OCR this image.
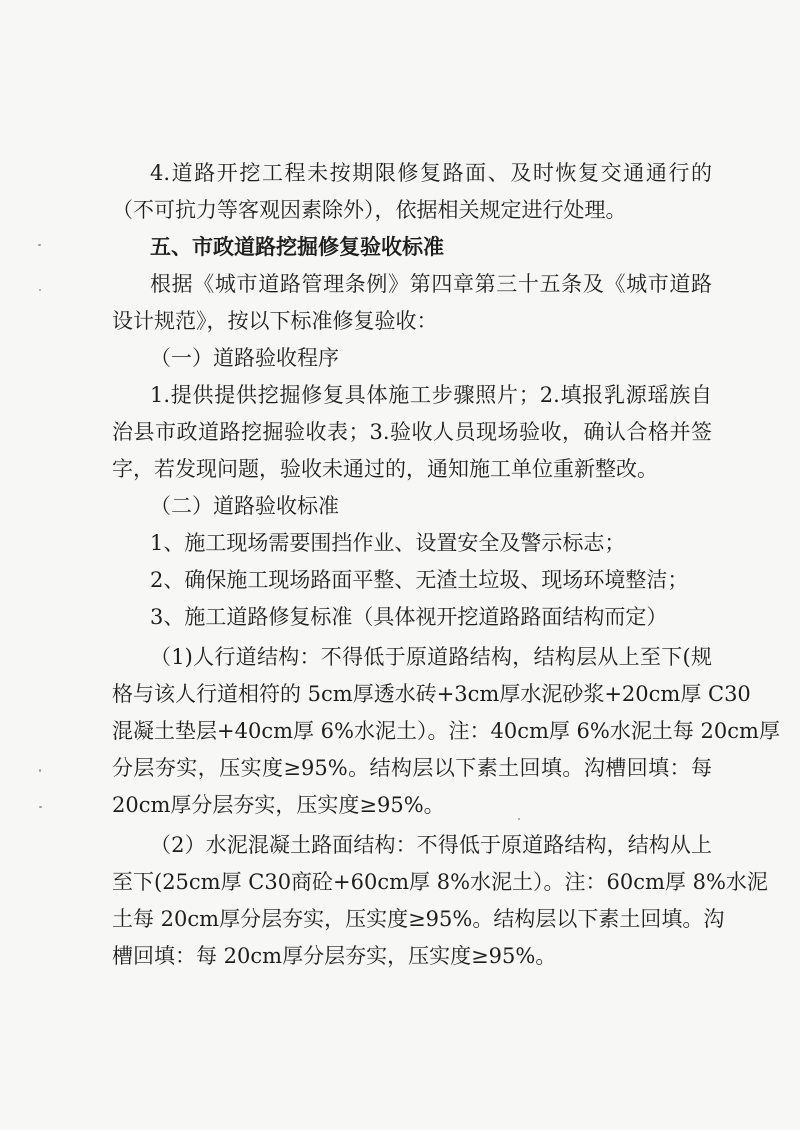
4.道路开挖工程未按期限修复路面、及时恢复交通通行的
（不可抗力等客观因素除外），依据相关规定进行处理。
五、市政道路挖掘修复验收标准
根据《城市道路管理条例》第四章第三十五条及《城市道路
设计规范》，按以下标准修复验收：
（一）道路验收程序
1.提供提供挖掘修复具体施工步骤照片；2.填报乳源瑶族自
治县市政道路挖掘验收表；3.验收人员现场验收，确认合格并签
字，若发现问题，验收未通过的，通知施工单位重新整改。
（二）道路验收标准
1、施工现场需要围挡作业、设置安全及警示标志；
2、确保施工现场路面平整、无渣土垃圾、现场环境整洁；
3、施工道路修复标准（具体视开挖道路路面结构而定）
（1)人行道结构：不得低于原道路结构，结构层从上至下(规
格与该人行道相符的 5cm厚透水砖+3cm厚水泥砂浆+20cm厚 C30
混凝土垫层+40cm厚 6%水泥土）。注：40cm厚 6%水泥土每 20cm厚
分层夯实，压实度≥95%。结构层以下素土回填。沟槽回填：每
20cm厚分层夯实，压实度≥95%。
（2）水泥混凝土路面结构：不得低于原道路结构，结构从上
至下(25cm厚 C30商砼+60cm厚 8%水泥土）。注：60cm厚 8%水泥
土每 20cm厚分层夯实，压实度≥95%。结构层以下素土回填。沟
槽回填：每 20cm厚分层夯实，压实度≥95%。
